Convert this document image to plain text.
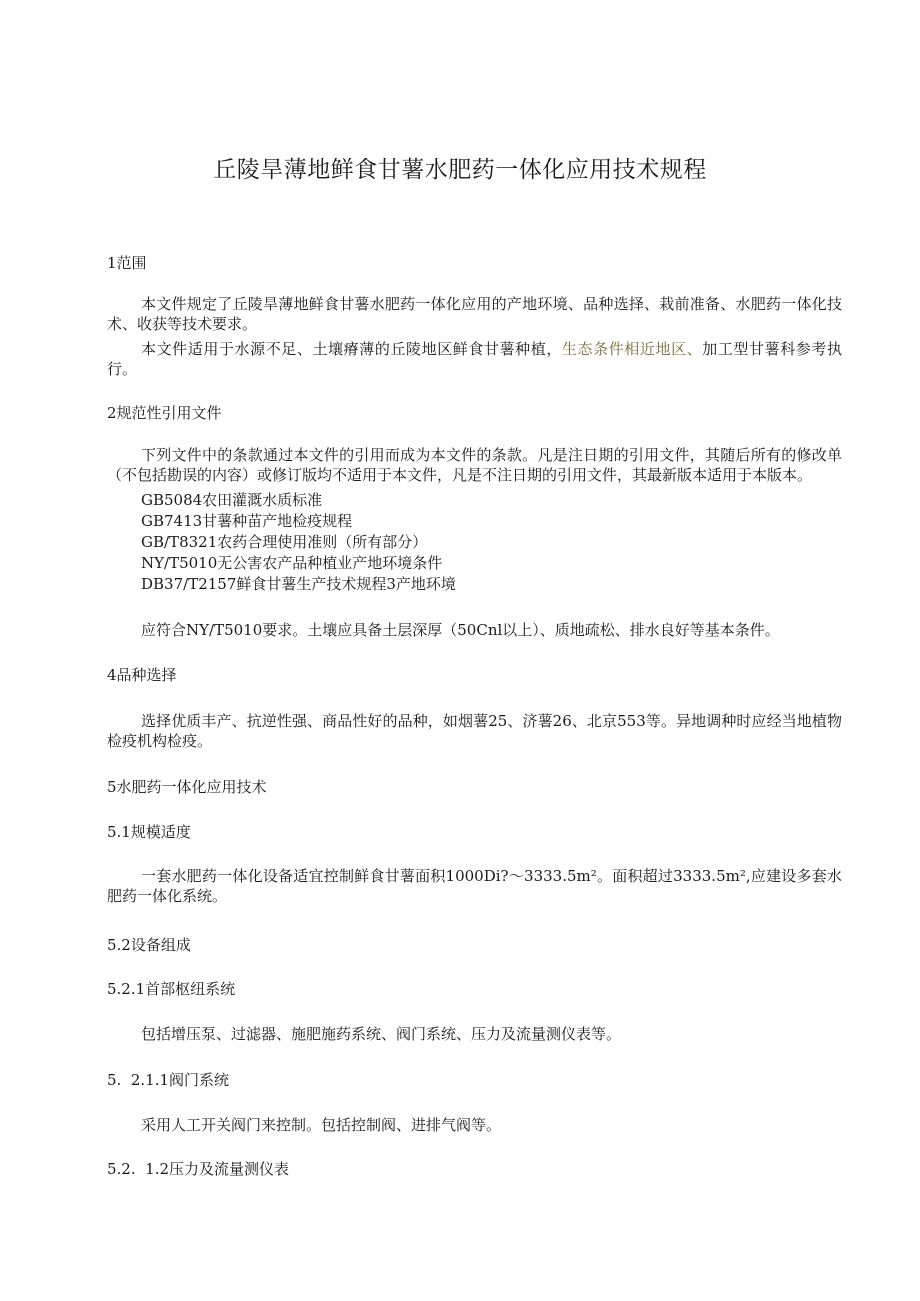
丘陵旱薄地鲜食甘薯水肥药一体化应用技术规程
1范围
本文件规定了丘陵旱薄地鲜食甘薯水肥药一体化应用的产地环境、品种选择、栽前准备、水肥药一体化技术、收获等技术要求。
本文件适用于水源不足、土壤瘠薄的丘陵地区鲜食甘薯种植，生态条件相近地区、加工型甘薯科参考执行。
2规范性引用文件
下列文件中的条款通过本文件的引用而成为本文件的条款。凡是注日期的引用文件，其随后所有的修改单（不包括勘误的内容）或修订版均不适用于本文件，凡是不注日期的引用文件，其最新版本适用于本版本。
GB5084农田灌溉水质标准
GB7413甘薯种苗产地检疫规程
GB/T8321农药合理使用准则（所有部分）
NY/T5010无公害农产品种植业产地环境条件
DB37/T2157鲜食甘薯生产技术规程3产地环境
应符合NY/T5010要求。土壤应具备土层深厚（50Cnl以上）、质地疏松、排水良好等基本条件。
4品种选择
选择优质丰产、抗逆性强、商品性好的品种，如烟薯25、济薯26、北京553等。异地调种时应经当地植物检疫机构检疫。
5水肥药一体化应用技术
5.1规模适度
一套水肥药一体化设备适宜控制鲜食甘薯面积1000Di?～3333.5m²。面积超过3333.5m²,应建设多套水肥药一体化系统。
5.2设备组成
5.2.1首部枢纽系统
包括增压泵、过滤器、施肥施药系统、阀门系统、压力及流量测仪表等。
5.  2.1.1阀门系统
采用人工开关阀门来控制。包括控制阀、进排气阀等。
5.2.  1.2压力及流量测仪表
